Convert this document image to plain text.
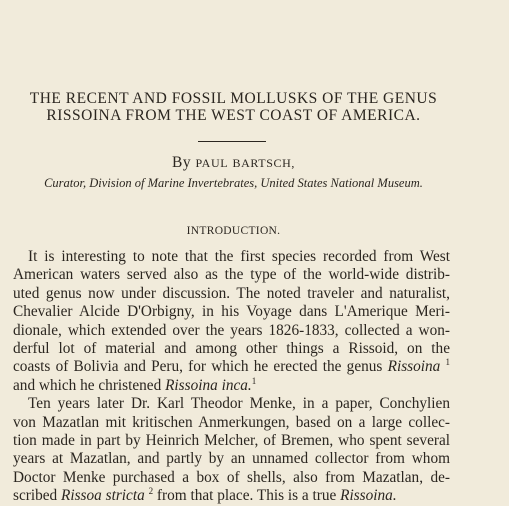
THE RECENT AND FOSSIL MOLLUSKS OF THE GENUS
RISSOINA FROM THE WEST COAST OF AMERICA.
By PAUL BARTSCH,
Curator, Division of Marine Invertebrates, United States National Museum.
INTRODUCTION.
It is interesting to note that the first species recorded from West
American waters served also as the type of the world-wide distrib-
uted genus now under discussion. The noted traveler and naturalist,
Chevalier Alcide D'Orbigny, in his Voyage dans L'Amerique Meri-
dionale, which extended over the years 1826-1833, collected a won-
derful lot of material and among other things a Rissoid, on the
coasts of Bolivia and Peru, for which he erected the genus Rissoina $^1$
and which he christened Rissoina inca.$^1$
Ten years later Dr. Karl Theodor Menke, in a paper, Conchylien
von Mazatlan mit kritischen Anmerkungen, based on a large collec-
tion made in part by Heinrich Melcher, of Bremen, who spent several
years at Mazatlan, and partly by an unnamed collector from whom
Doctor Menke purchased a box of shells, also from Mazatlan, de-
scribed Rissoa stricta $^2$ from that place. This is a true Rissoina.
